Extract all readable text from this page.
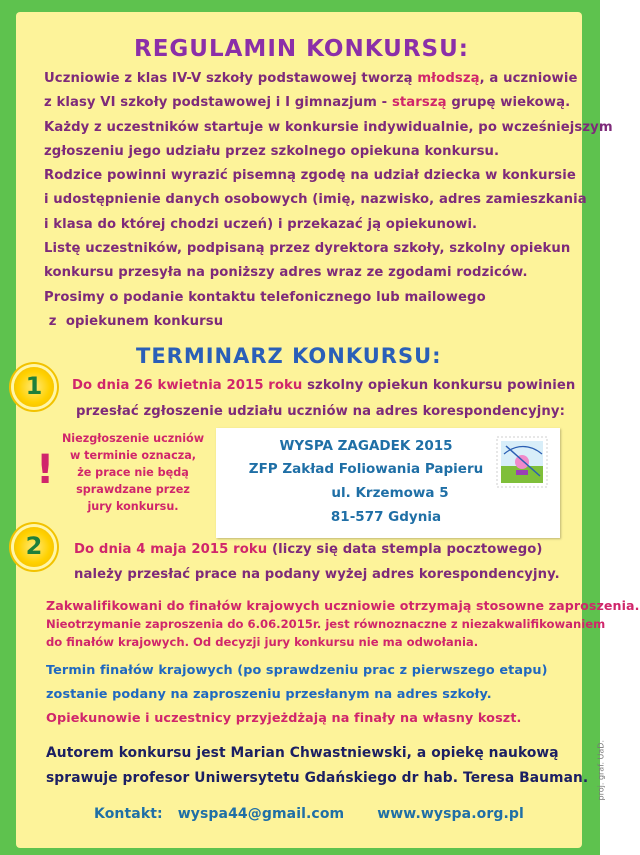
REGULAMIN KONKURSU:
Uczniowie z klas IV-V szkoły podstawowej tworzą młodszą, a uczniowie
z klasy VI szkoły podstawowej i I gimnazjum - starszą grupę wiekową.
Każdy z uczestników startuje w konkursie indywidualnie, po wcześniejszym
zgłoszeniu jego udziału przez szkolnego opiekuna konkursu.
Rodzice powinni wyrazić pisemną zgodę na udział dziecka w konkursie
i udostępnienie danych osobowych (imię, nazwisko, adres zamieszkania
i klasa do której chodzi uczeń) i przekazać ją opiekunowi.
Listę uczestników, podpisaną przez dyrektora szkoły, szkolny opiekun
konkursu przesyła na poniższy adres wraz ze zgodami rodziców.
Prosimy o podanie kontaktu telefonicznego lub mailowego
z  opiekunem konkursu
TERMINARZ KONKURSU:
1	Do dnia 26 kwietnia 2015 roku szkolny opiekun konkursu powinien
przesłać zgłoszenie udziału uczniów na adres korespondencyjny:
!
Niezgłoszenie uczniów
w terminie oznacza,
że prace nie będą
sprawdzane przez
jury konkursu.
WYSPA ZAGADEK 2015
ZFP Zakład Foliowania Papieru
ul. Krzemowa 5
81-577 Gdynia
2	Do dnia 4 maja 2015 roku (liczy się data stempla pocztowego)
należy przesłać prace na podany wyżej adres korespondencyjny.
Zakwalifikowani do finałów krajowych uczniowie otrzymają stosowne zaproszenia.
Nieotrzymanie zaproszenia do 6.06.2015r. jest równoznaczne z niezakwalifikowaniem
do finałów krajowych. Od decyzji jury konkursu nie ma odwołania.
Termin finałów krajowych (po sprawdzeniu prac z pierwszego etapu)
zostanie podany na zaproszeniu przesłanym na adres szkoły.
Opiekunowie i uczestnicy przyjeżdżają na finały na własny koszt.
Autorem konkursu jest Marian Chwastniewski, a opiekę naukową
sprawuje profesor Uniwersytetu Gdańskiego dr hab. Teresa Bauman.
Kontakt: wyspa44@gmail.com www.wyspa.org.pl
proj. graf. UaD.
